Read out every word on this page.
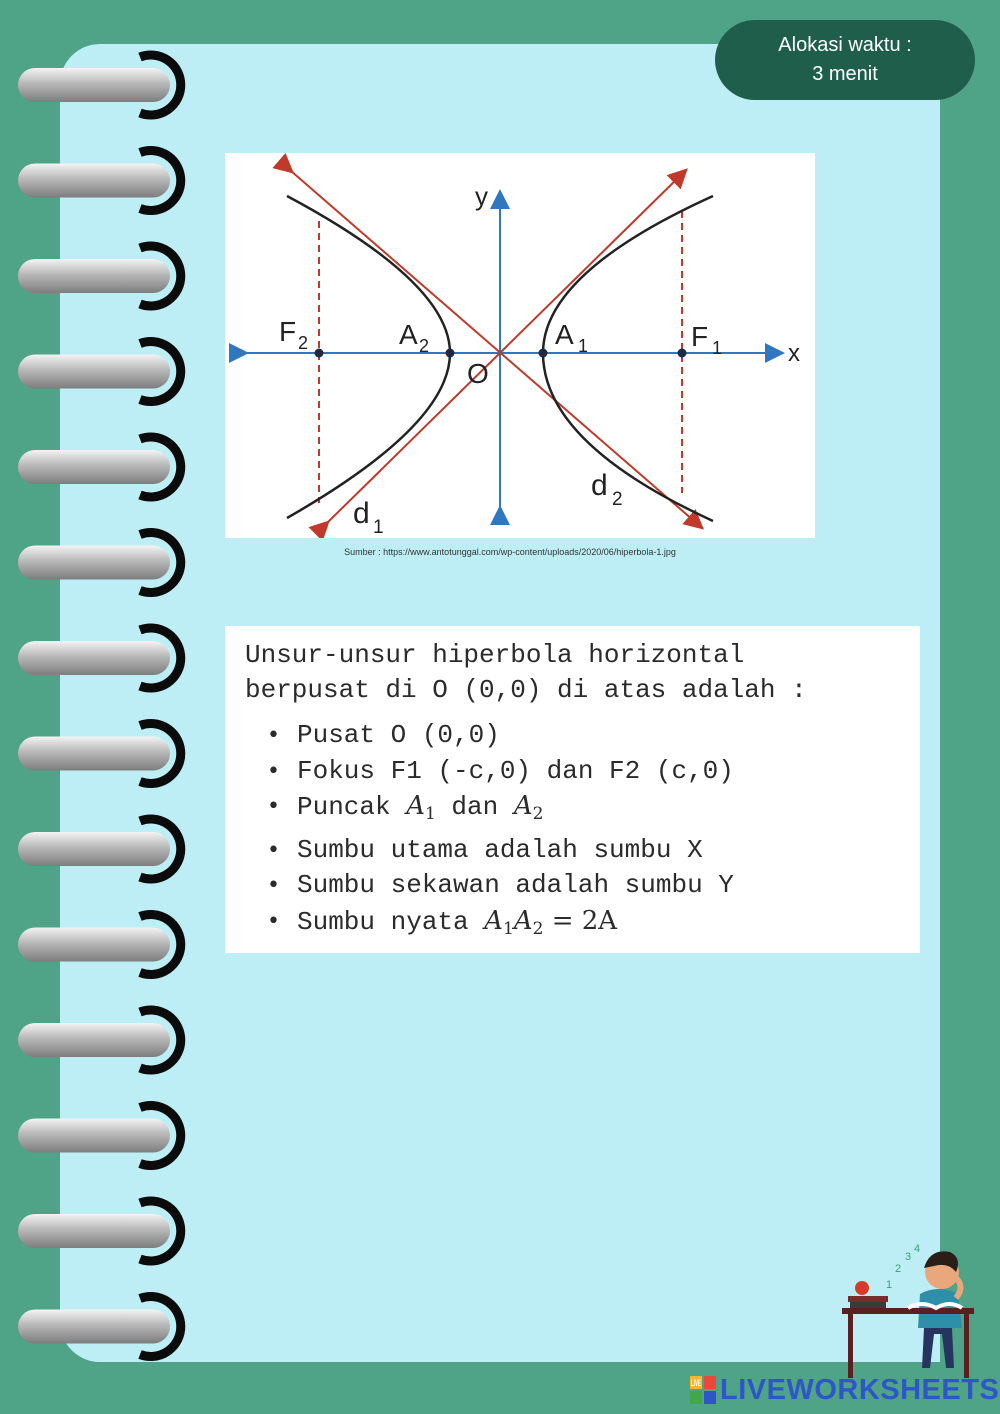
Alokasi waktu :
3 menit
y
x
F 2	A 2	A 1	F 1
O
d 1
d 2
Sumber : https://www.antotunggal.com/wp-content/uploads/2020/06/hiperbola-1.jpg
Unsur-unsur hiperbola horizontal
berpusat di O (0,0) di atas adalah :
• Pusat O (0,0)
• Fokus F1 (-c,0) dan F2 (c,0)
• Puncak $A_1$ dan $A_2$
• Sumbu utama adalah sumbu X
• Sumbu sekawan adalah sumbu Y
• Sumbu nyata $A_1A_2 = 2A$
1
2
3
4
LIVE LIVEWORKSHEETS
